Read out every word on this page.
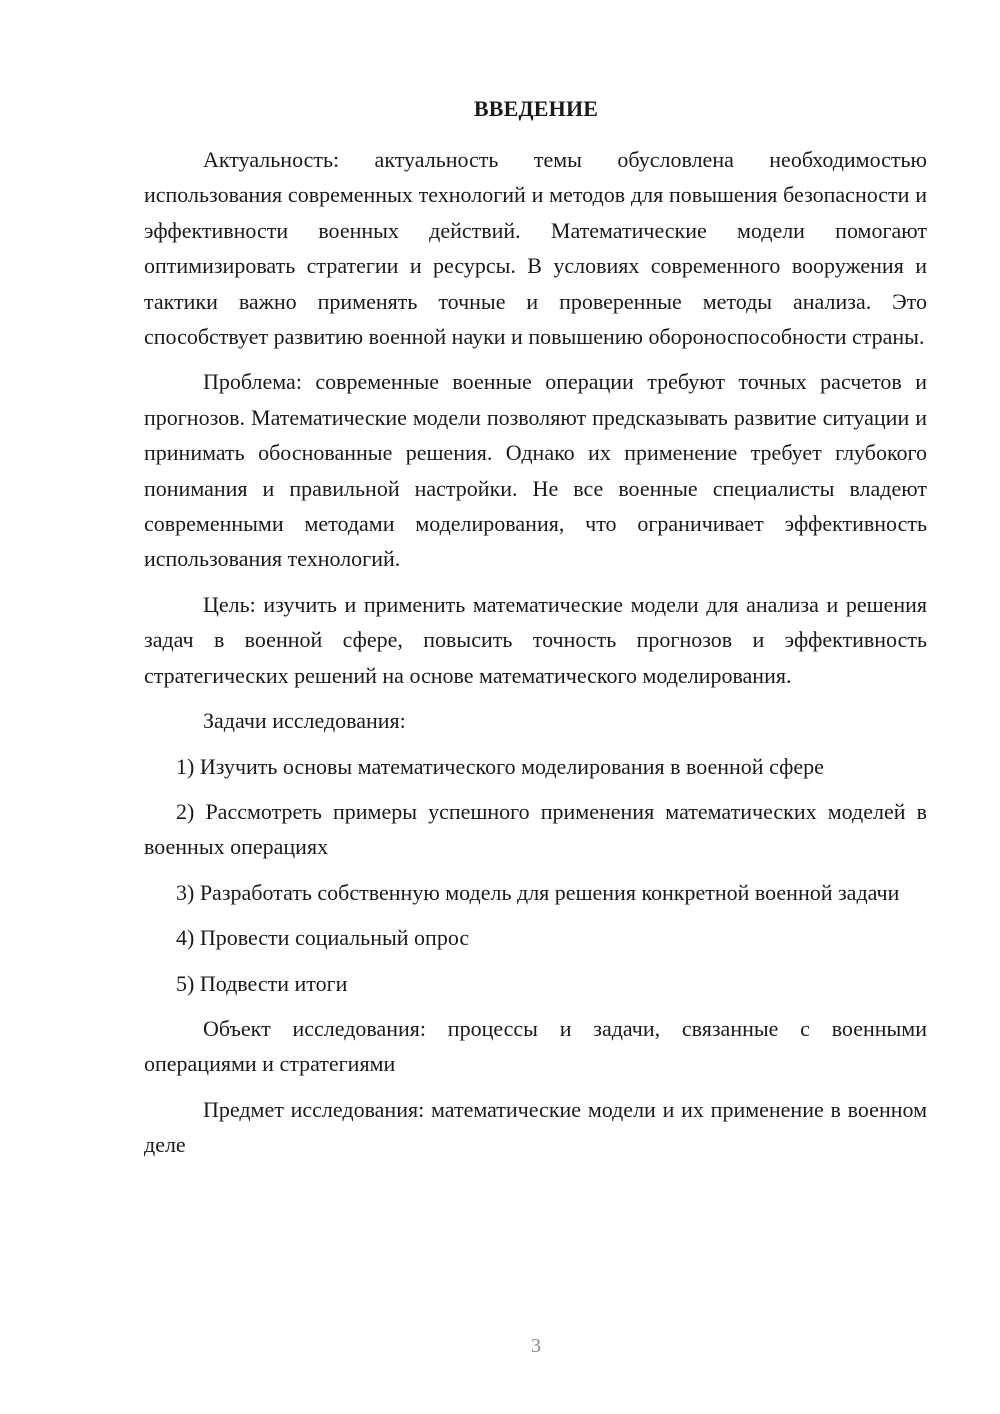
ВВЕДЕНИЕ

Актуальность: актуальность темы обусловлена необходимостью использования современных технологий и методов для повышения безопасности и эффективности военных действий. Математические модели помогают оптимизировать стратегии и ресурсы. В условиях современного вооружения и тактики важно применять точные и проверенные методы анализа. Это способствует развитию военной науки и повышению обороноспособности страны.

Проблема: современные военные операции требуют точных расчетов и прогнозов. Математические модели позволяют предсказывать развитие ситуации и принимать обоснованные решения. Однако их применение требует глубокого понимания и правильной настройки. Не все военные специалисты владеют современными методами моделирования, что ограничивает эффективность использования технологий.

Цель: изучить и применить математические модели для анализа и решения задач в военной сфере, повысить точность прогнозов и эффективность стратегических решений на основе математического моделирования.

Задачи исследования:

1) Изучить основы математического моделирования в военной сфере

2) Рассмотреть примеры успешного применения математических моделей в военных операциях

3) Разработать собственную модель для решения конкретной военной задачи

4) Провести социальный опрос

5) Подвести итоги

Объект исследования: процессы и задачи, связанные с военными операциями и стратегиями

Предмет исследования: математические модели и их применение в военном деле

3
